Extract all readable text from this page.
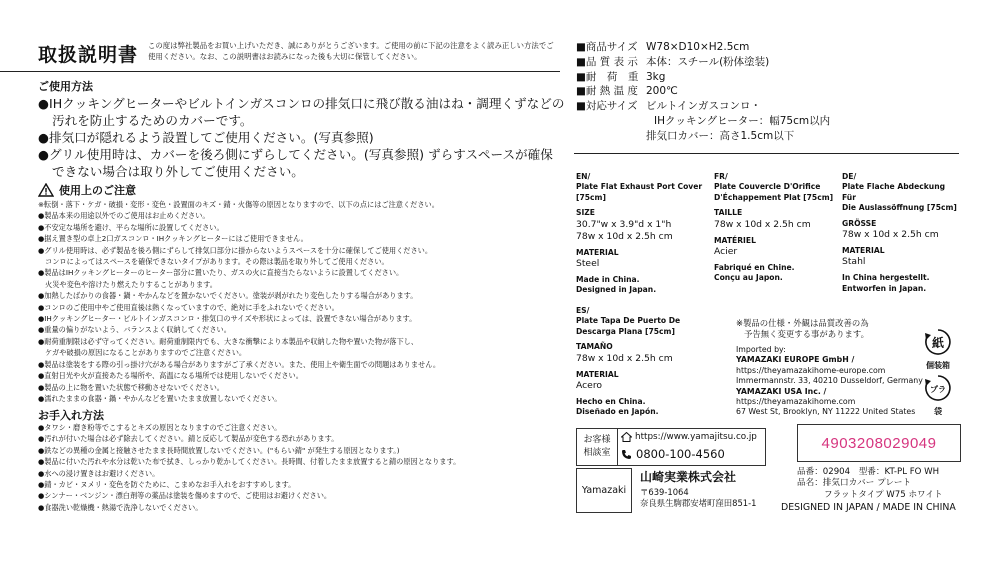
取扱説明書 この度は弊社製品をお買い上げいただき、誠にありがとうございます。ご使用の前に下記の注意をよく読み正しい方法でご使用ください。なお、この説明書はお読みになった後も大切に保管してください。
ご使用方法
●IHクッキングヒーターやビルトインガスコンロの排気口に飛び散る油はね・調理くずなどの
汚れを防止するためのカバーです。
●排気口が隠れるよう設置してご使用ください。(写真参照)
●グリル使用時は、カバーを後ろ側にずらしてください。(写真参照) ずらすスペースが確保
できない場合は取り外してご使用ください。
使用上のご注意
※転倒・落下・ケガ・破損・変形・変色・設置面のキズ・錆・火傷等の原因となりますので、以下の点にはご注意ください。
●製品本来の用途以外でのご使用はお止めください。
●不安定な場所を避け、平らな場所に設置してください。
●据え置き型の卓上2口ガスコンロ・IHクッキングヒーターにはご使用できません。
●グリル使用時は、必ず製品を後ろ側にずらして排気口部分に掛からないようスペースを十分に確保してご使用ください。
コンロによってはスペースを確保できないタイプがあります。その際は製品を取り外してご使用ください。
●製品はIHクッキングヒーターのヒーター部分に置いたり、ガスの火に直接当たらないように設置してください。
火災や変色や溶けたり燃えたりすることがあります。
●加熱したばかりの食器・鍋・やかんなどを置かないでください。塗装が剥がれたり変色したりする場合があります。
●コンロのご使用中やご使用直後は熱くなっていますので、絶対に手をふれないでください。
●IHクッキングヒーター・ビルトインガスコンロ・排気口のサイズや形状によっては、設置できない場合があります。
●重量の偏りがないよう、バランスよく収納してください。
●耐荷重制限は必ず守ってください。耐荷重制限内でも、大きな衝撃により本製品や収納した物や置いた物が落下し、
ケガや破損の原因になることがありますのでご注意ください。
●製品は塗装をする際の引っ掛け穴がある場合がありますがご了承ください。また、使用上や衛生面での問題はありません。
●直射日光や火が直接あたる場所や、高温になる場所では使用しないでください。
●製品の上に物を置いた状態で移動させないでください。
●濡れたままの食器・鍋・やかんなどを置いたまま放置しないでください。
お手入れ方法
●タワシ・磨き粉等でこするとキズの原因となりますのでご注意ください。
●汚れが付いた場合は必ず除去してください。錆と反応して製品が変色する恐れがあります。
●鉄などの異種の金属と接触させたまま長時間放置しないでください。("もらい錆" が発生する原因となります。)
●製品に付いた汚れや水分は乾いた布で拭き、しっかり乾かしてください。長時間、付着したまま放置すると錆の原因となります。
●水への浸け置きはお避けください。
●錆・カビ・ヌメリ・変色を防ぐために、こまめなお手入れをおすすめします。
●シンナー・ベンジン・漂白剤等の薬品は塗装を傷めますので、ご使用はお避けください。
●食器洗い乾燥機・熱湯で洗浄しないでください。
■商品サイズ W78×D10×H2.5cm
■品 質 表 示 本体：スチール(粉体塗装)
■耐　荷　重 3kg
■耐 熱 温 度 200℃
■対応サイズ ビルトインガスコンロ・
IHクッキングヒーター：幅75cm以内
排気口カバー：高さ1.5cm以下
EN/
Plate Flat Exhaust Port Cover
[75cm]
SIZE
30.7"w x 3.9"d x 1"h
78w x 10d x 2.5h cm
MATERIAL
Steel
Made in China.
Designed in Japan.
FR/
Plate Couvercle D'Orifice
D'Échappement Plat [75cm]
TAILLE
78w x 10d x 2.5h cm
MATÉRIEL
Acier
Fabriqué en Chine.
Conçu au Japon.
DE/
Plate Flache Abdeckung Für
Die Auslassöffnung [75cm]
GRÖSSE
78w x 10d x 2.5h cm
MATERIAL
Stahl
In China hergestellt.
Entworfen in Japan.
ES/
Plate Tapa De Puerto De
Descarga Plana [75cm]
TAMAÑO
78w x 10d x 2.5h cm
MATERIAL
Acero
Hecho en China.
Diseñado en Japón.
※製品の仕様・外観は品質改善の為
予告無く変更する事があります。
Imported by:
YAMAZAKI EUROPE GmbH /
https://theyamazakihome-europe.com
Immermannstr. 33, 40210 Dusseldorf, Germany
YAMAZAKI USA Inc. /
https://theyamazakihome.com
67 West St, Brooklyn, NY 11222 United States
紙
個装箱
プラ
袋
お客様
相談室
https://www.yamajitsu.co.jp
0800-100-4560
Yamazaki
山崎実業株式会社
〒639-1064
奈良県生駒郡安堵町窪田851-1
4903208029049
品番：02904　型番：KT-PL FO WH
品名：排気口カバー プレート
フラットタイプ W75 ホワイト
DESIGNED IN JAPAN / MADE IN CHINA
